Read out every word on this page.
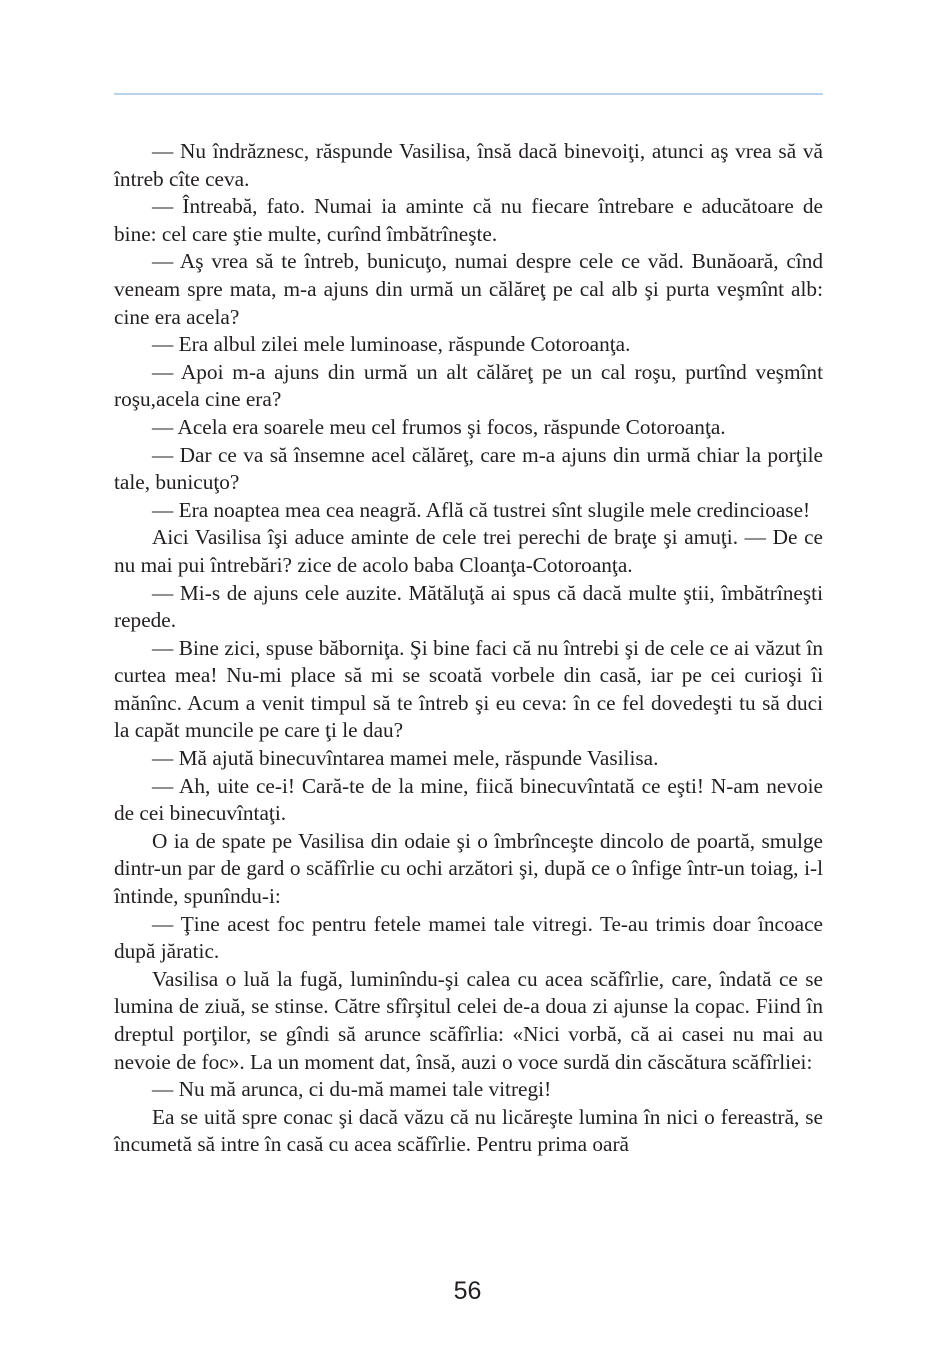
— Nu îndrăznesc, răspunde Vasilisa, însă dacă binevoiţi, atunci aş vrea să vă întreb cîte ceva.

— Întreabă, fato. Numai ia aminte că nu fiecare întrebare e aducătoare de bine: cel care ştie multe, curînd îmbătrîneşte.

— Aş vrea să te întreb, bunicuţo, numai despre cele ce văd. Bunăoară, cînd veneam spre mata, m-a ajuns din urmă un călăreţ pe cal alb şi purta veşmînt alb: cine era acela?

— Era albul zilei mele luminoase, răspunde Cotoroanţa.

— Apoi m-a ajuns din urmă un alt călăreţ pe un cal roşu, purtînd veşmînt roşu,acela cine era?

— Acela era soarele meu cel frumos şi focos, răspunde Cotoroanţa.

— Dar ce va să însemne acel călăreţ, care m-a ajuns din urmă chiar la porţile tale, bunicuţo?

— Era noaptea mea cea neagră. Află că tustrei sînt slugile mele credincioase!

Aici Vasilisa îşi aduce aminte de cele trei perechi de braţe şi amuţi. — De ce nu mai pui întrebări? zice de acolo baba Cloanţa-Cotoroanţa.

— Mi-s de ajuns cele auzite. Mătăluţă ai spus că dacă multe ştii, îmbătrîneşti repede.

— Bine zici, spuse băborniţa. Şi bine faci că nu întrebi şi de cele ce ai văzut în curtea mea! Nu-mi place să mi se scoată vorbele din casă, iar pe cei curioşi îi mănînc. Acum a venit timpul să te întreb şi eu ceva: în ce fel dovedeşti tu să duci la capăt muncile pe care ţi le dau?

— Mă ajută binecuvîntarea mamei mele, răspunde Vasilisa.

— Ah, uite ce-i! Cară-te de la mine, fiică binecuvîntată ce eşti! N-am nevoie de cei binecuvîntaţi.

O ia de spate pe Vasilisa din odaie şi o îmbrînceşte dincolo de poartă, smulge dintr-un par de gard o scăfîrlie cu ochi arzători şi, după ce o înfige într-un toiag, i-l întinde, spunîndu-i:

— Ţine acest foc pentru fetele mamei tale vitregi. Te-au trimis doar încoace după jăratic.

Vasilisa o luă la fugă, luminîndu-şi calea cu acea scăfîrlie, care, îndată ce se lumina de ziuă, se stinse. Către sfîrşitul celei de-a doua zi ajunse la copac. Fiind în dreptul porţilor, se gîndi să arunce scăfîrlia: «Nici vorbă, că ai casei nu mai au nevoie de foc». La un moment dat, însă, auzi o voce surdă din căscătura scăfîrliei:

— Nu mă arunca, ci du-mă mamei tale vitregi!

Ea se uită spre conac şi dacă văzu că nu licăreşte lumina în nici o fereastră, se încumetă să intre în casă cu acea scăfîrlie. Pentru prima oară

56
